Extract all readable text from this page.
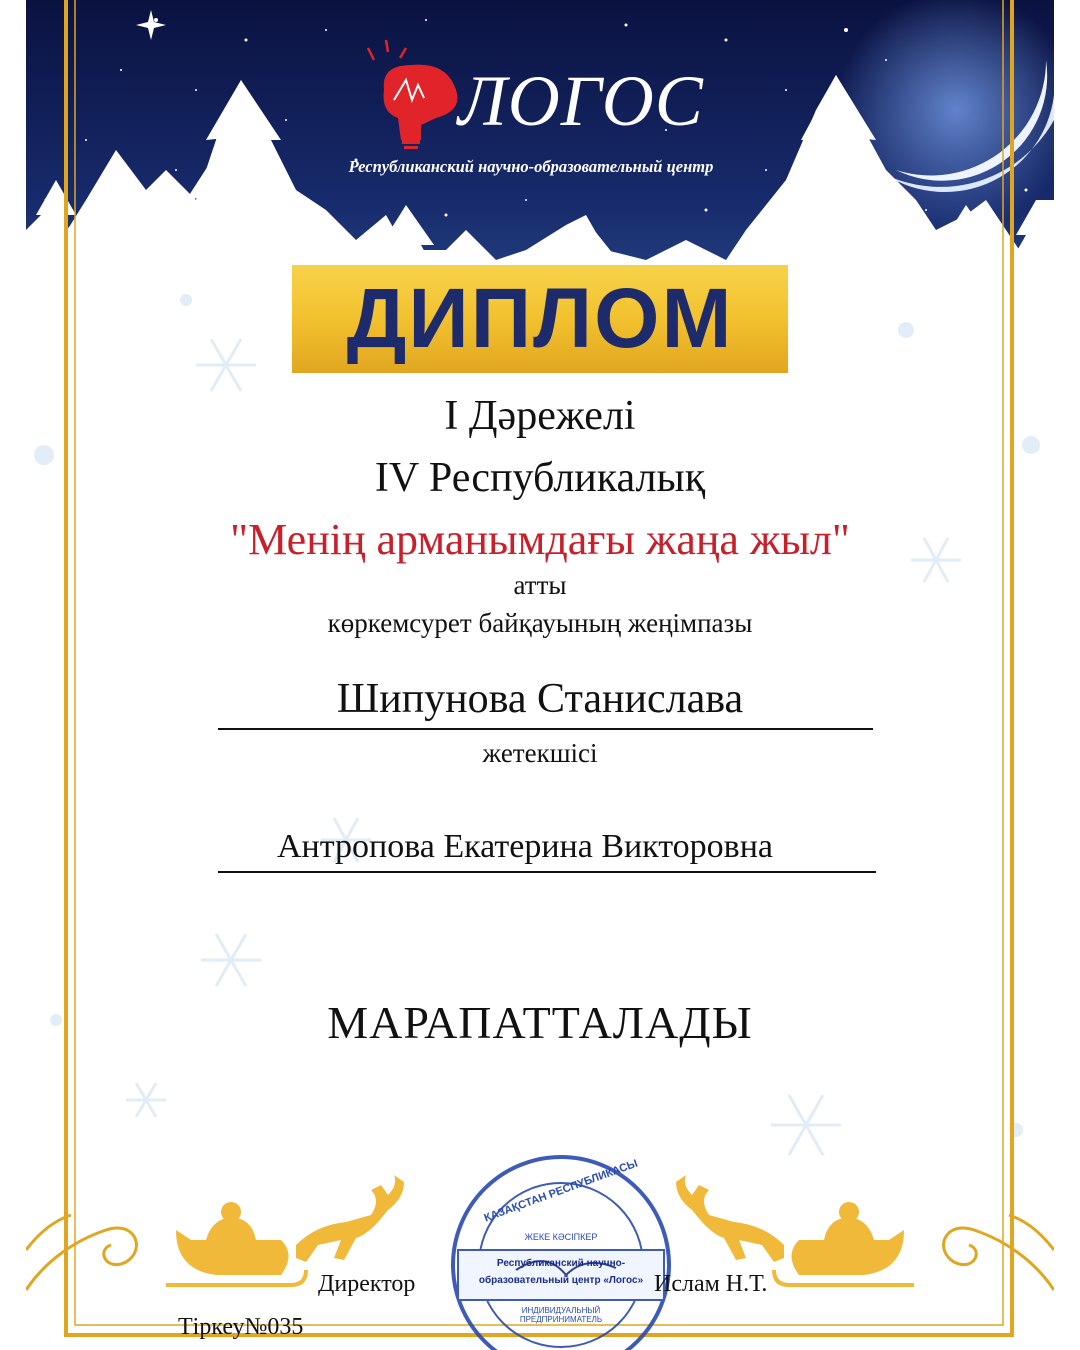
ЛОГОС
Республиканский научно-образовательный центр
ДИПЛОМ
I Дәрежелі
IV Республикалық
"Менің арманымдағы жаңа жыл"
атты
көркемсурет байқауының жеңімпазы
Шипунова Станислава
жетекшісі
Антропова Екатерина Викторовна
МАРАПАТТАЛАДЫ
ҚАЗАҚСТАН РЕСПУБЛИКАСЫ
ЖЕКЕ КӘСІПКЕР
Республиканский научно-
образовательный центр «Логос»
ИНДИВИДУАЛЬНЫЙ ПРЕДПРИНИМАТЕЛЬ
Директор	Ислам Н.Т.
Тіркеу№035
